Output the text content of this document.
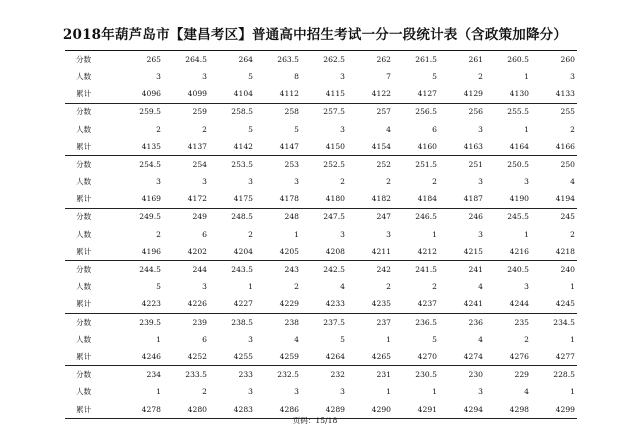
2018年葫芦岛市【建昌考区】普通高中招生考试一分一段统计表（含政策加降分）
分数	265	264.5	264	263.5	262.5	262	261.5	261	260.5	260
人数	3	3	5	8	3	7	5	2	1	3
累计	4096	4099	4104	4112	4115	4122	4127	4129	4130	4133
分数	259.5	259	258.5	258	257.5	257	256.5	256	255.5	255
人数	2	2	5	5	3	4	6	3	1	2
累计	4135	4137	4142	4147	4150	4154	4160	4163	4164	4166
分数	254.5	254	253.5	253	252.5	252	251.5	251	250.5	250
人数	3	3	3	3	2	2	2	3	3	4
累计	4169	4172	4175	4178	4180	4182	4184	4187	4190	4194
分数	249.5	249	248.5	248	247.5	247	246.5	246	245.5	245
人数	2	6	2	1	3	3	1	3	1	2
累计	4196	4202	4204	4205	4208	4211	4212	4215	4216	4218
分数	244.5	244	243.5	243	242.5	242	241.5	241	240.5	240
人数	5	3	1	2	4	2	2	4	3	1
累计	4223	4226	4227	4229	4233	4235	4237	4241	4244	4245
分数	239.5	239	238.5	238	237.5	237	236.5	236	235	234.5
人数	1	6	3	4	5	1	5	4	2	1
累计	4246	4252	4255	4259	4264	4265	4270	4274	4276	4277
分数	234	233.5	233	232.5	232	231	230.5	230	229	228.5
人数	1	2	3	3	3	1	1	3	4	1
累计	4278	4280	4283	4286	4289	4290	4291	4294	4298	4299
页码：15/18
